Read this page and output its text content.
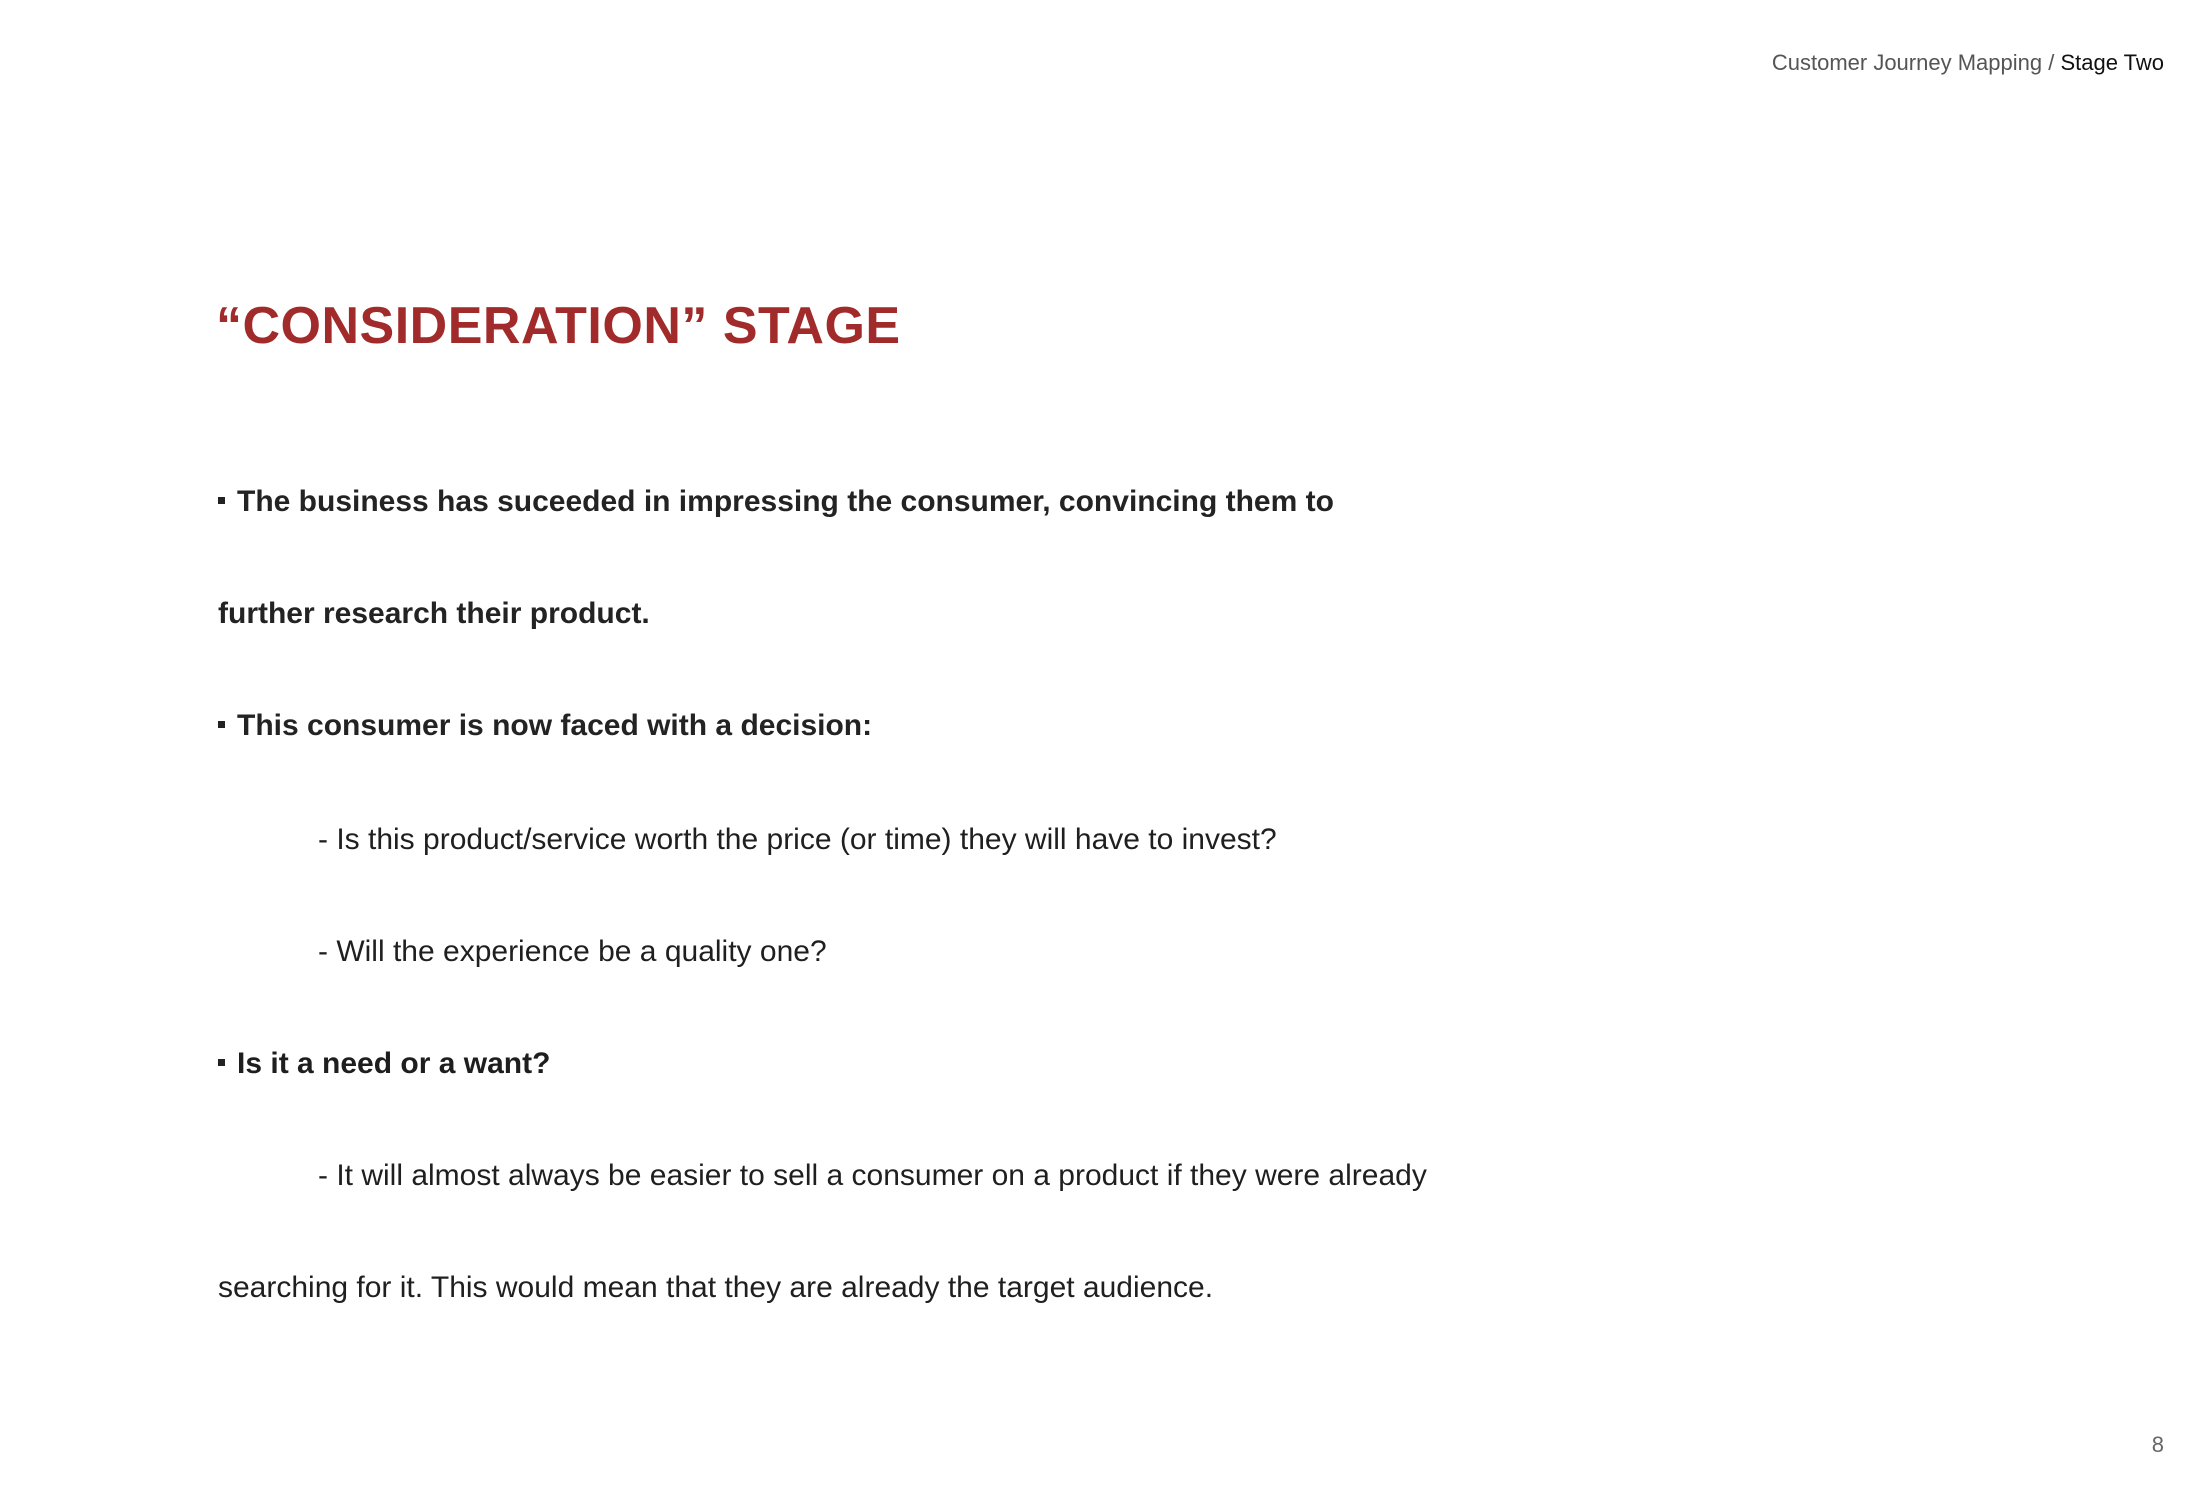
Customer Journey Mapping / Stage Two
“CONSIDERATION” STAGE
The business has suceeded in impressing the consumer, convincing them to
further research their product.
This consumer is now faced with a decision:
- Is this product/service worth the price (or time) they will have to invest?
- Will the experience be a quality one?
Is it a need or a want?
- It will almost always be easier to sell a consumer on a product if they were already
searching for it. This would mean that they are already the target audience.
8
